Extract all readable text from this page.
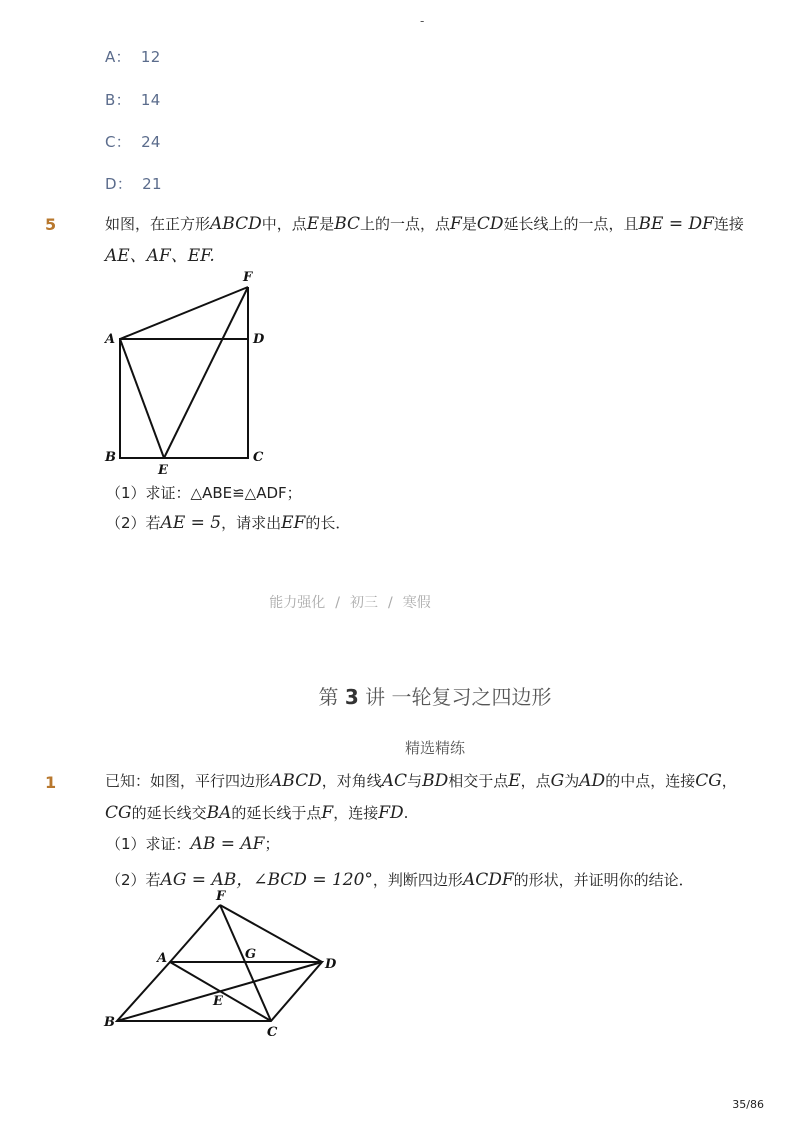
-
A： 12
B： 14
C： 24
D： 21
5	如图，在正方形ABCD中，点E是BC上的一点，点F是CD延长线上的一点，且BE = DF连接
AE、AF、EF.
F
A	D
B	C
E
（1）求证：△ABE≌△ADF；
（2）若AE = 5，请求出EF的长．
能力强化 / 初三 / 寒假
第 3 讲 一轮复习之四边形
精选精练
1	已知：如图，平行四边形ABCD，对角线AC与BD相交于点E，点G为AD的中点，连接CG，
CG的延长线交BA的延长线于点F，连接FD.
（1）求证：AB = AF；
（2）若AG = AB，∠BCD = 120°，判断四边形ACDF的形状，并证明你的结论．
F
A	G
D
E
B
C
35/86
